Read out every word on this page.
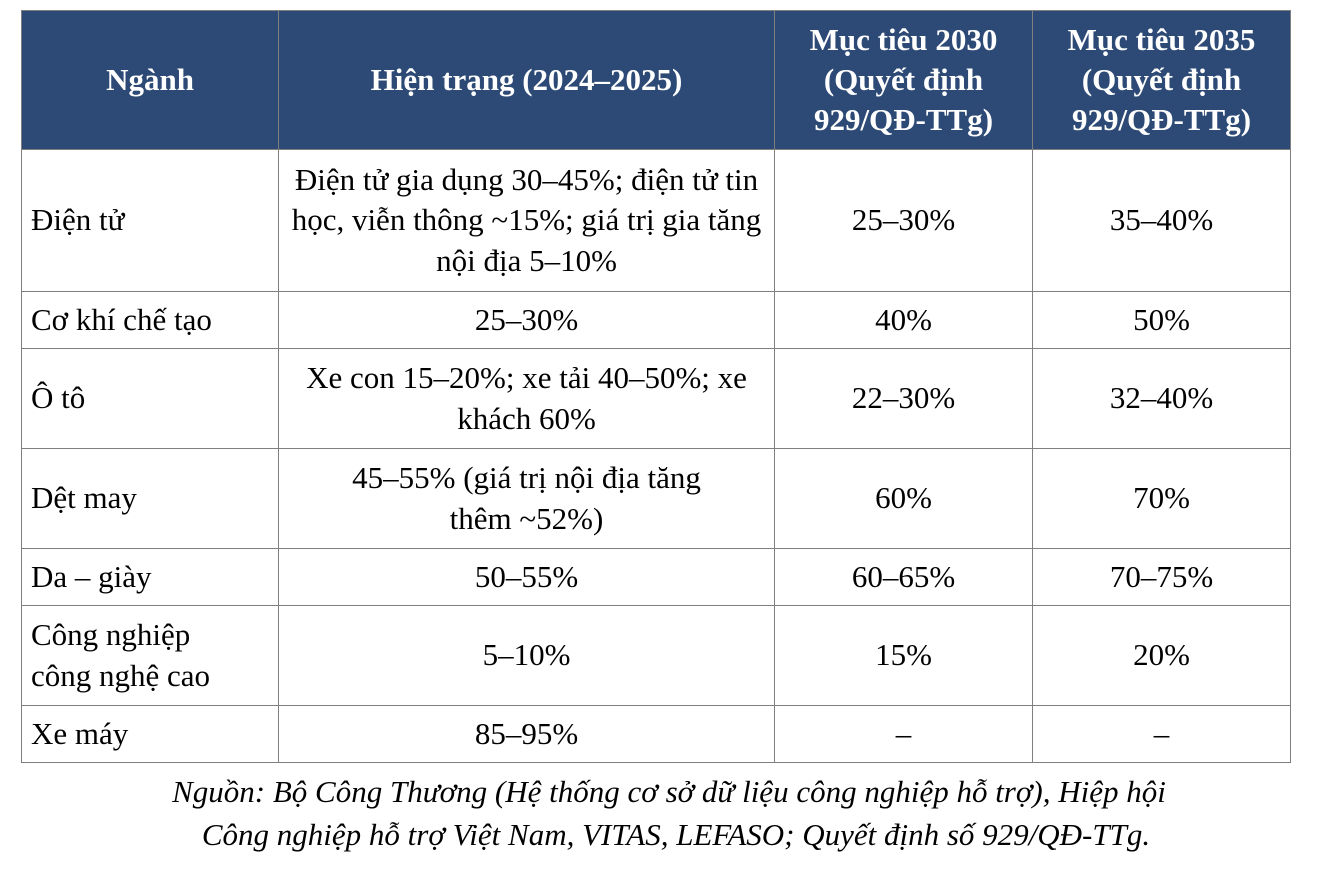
Ngành	Hiện trạng (2024–2025)	Mục tiêu 2030 (Quyết định 929/QĐ-TTg)	Mục tiêu 2035 (Quyết định 929/QĐ-TTg)

Điện tử	Điện tử gia dụng 30–45%; điện tử tin học, viễn thông ~15%; giá trị gia tăng nội địa 5–10%	25–30%	35–40%
Cơ khí chế tạo	25–30%	40%	50%
Ô tô	Xe con 15–20%; xe tải 40–50%; xe khách 60%	22–30%	32–40%
Dệt may	45–55% (giá trị nội địa tăng thêm ~52%)	60%	70%
Da – giày	50–55%	60–65%	70–75%

Công nghiệp công nghệ cao	5–10%	15%	20%
Xe máy	85–95%	–	–
Nguồn: Bộ Công Thương (Hệ thống cơ sở dữ liệu công nghiệp hỗ trợ), Hiệp hội
Công nghiệp hỗ trợ Việt Nam, VITAS, LEFASO; Quyết định số 929/QĐ-TTg.
